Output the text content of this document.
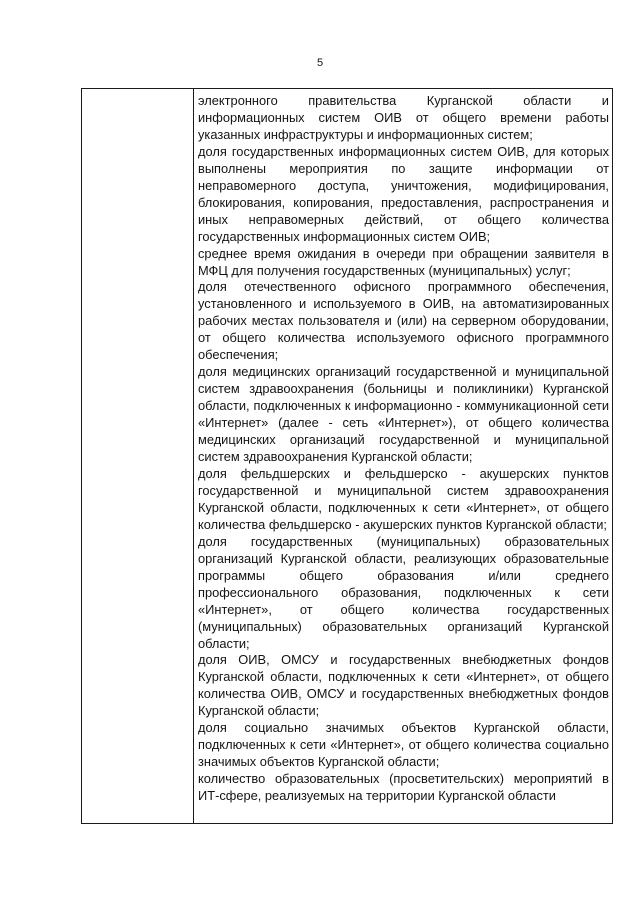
5

электронного правительства Курганской области и информационных систем ОИВ от общего времени работы указанных инфраструктуры и информационных систем;

доля государственных информационных систем ОИВ, для которых выполнены мероприятия по защите информации от неправомерного доступа, уничтожения, модифицирования, блокирования, копирования, предоставления, распространения и иных неправомерных действий, от общего количества государственных информационных систем ОИВ;

среднее время ожидания в очереди при обращении заявителя в МФЦ для получения государственных (муниципальных) услуг;

доля отечественного офисного программного обеспечения, установленного и используемого в ОИВ, на автоматизированных рабочих местах пользователя и (или) на серверном оборудовании, от общего количества используемого офисного программного обеспечения;

доля медицинских организаций государственной и муниципальной систем здравоохранения (больницы и поликлиники) Курганской области, подключенных к информационно - коммуникационной сети «Интернет» (далее - сеть «Интернет»), от общего количества медицинских организаций государственной и муниципальной систем здравоохранения Курганской области;

доля фельдшерских и фельдшерско - акушерских пунктов государственной и муниципальной систем здравоохранения Курганской области, подключенных к сети «Интернет», от общего количества фельдшерско - акушерских пунктов Курганской области;

доля государственных (муниципальных) образовательных организаций Курганской области, реализующих образовательные программы общего образования и/или среднего профессионального образования, подключенных к сети «Интернет», от общего количества государственных (муниципальных) образовательных организаций Курганской области;

доля ОИВ, ОМСУ и государственных внебюджетных фондов Курганской области, подключенных к сети «Интернет», от общего количества ОИВ, ОМСУ и государственных внебюджетных фондов Курганской области;

доля социально значимых объектов Курганской области, подключенных к сети «Интернет», от общего количества социально значимых объектов Курганской области;

количество образовательных (просветительских) мероприятий в ИТ-сфере, реализуемых на территории Курганской области
